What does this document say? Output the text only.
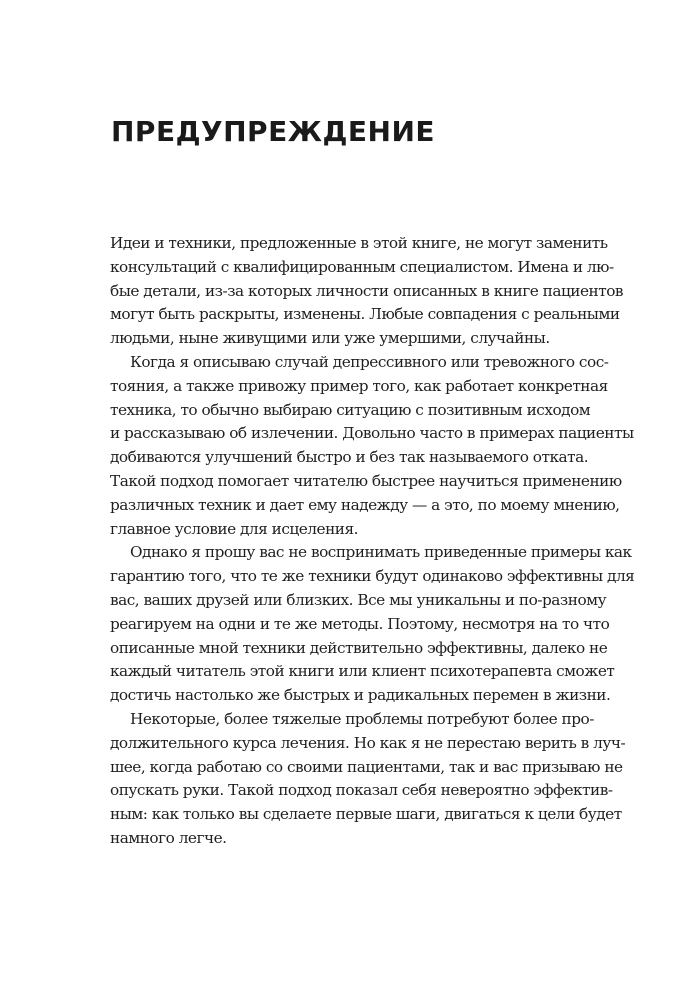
ПРЕДУПРЕЖДЕНИЕ
Идеи и техники, предложенные в этой книге, не могут заменить
консультаций с квалифицированным специалистом. Имена и лю-
бые детали, из-за которых личности описанных в книге пациентов
могут быть раскрыты, изменены. Любые совпадения с реальными
людьми, ныне живущими или уже умершими, случайны.
Когда я описываю случай депрессивного или тревожного сос-
тояния, а также привожу пример того, как работает конкретная
техника, то обычно выбираю ситуацию с позитивным исходом
и рассказываю об излечении. Довольно часто в примерах пациенты
добиваются улучшений быстро и без так называемого отката.
Такой подход помогает читателю быстрее научиться применению
различных техник и дает ему надежду — а это, по моему мнению,
главное условие для исцеления.
Однако я прошу вас не воспринимать приведенные примеры как
гарантию того, что те же техники будут одинаково эффективны для
вас, ваших друзей или близких. Все мы уникальны и по-разному
реагируем на одни и те же методы. Поэтому, несмотря на то что
описанные мной техники действительно эффективны, далеко не
каждый читатель этой книги или клиент психотерапевта сможет
достичь настолько же быстрых и радикальных перемен в жизни.
Некоторые, более тяжелые проблемы потребуют более про-
должительного курса лечения. Но как я не перестаю верить в луч-
шее, когда работаю со своими пациентами, так и вас призываю не
опускать руки. Такой подход показал себя невероятно эффектив-
ным: как только вы сделаете первые шаги, двигаться к цели будет
намного легче.
